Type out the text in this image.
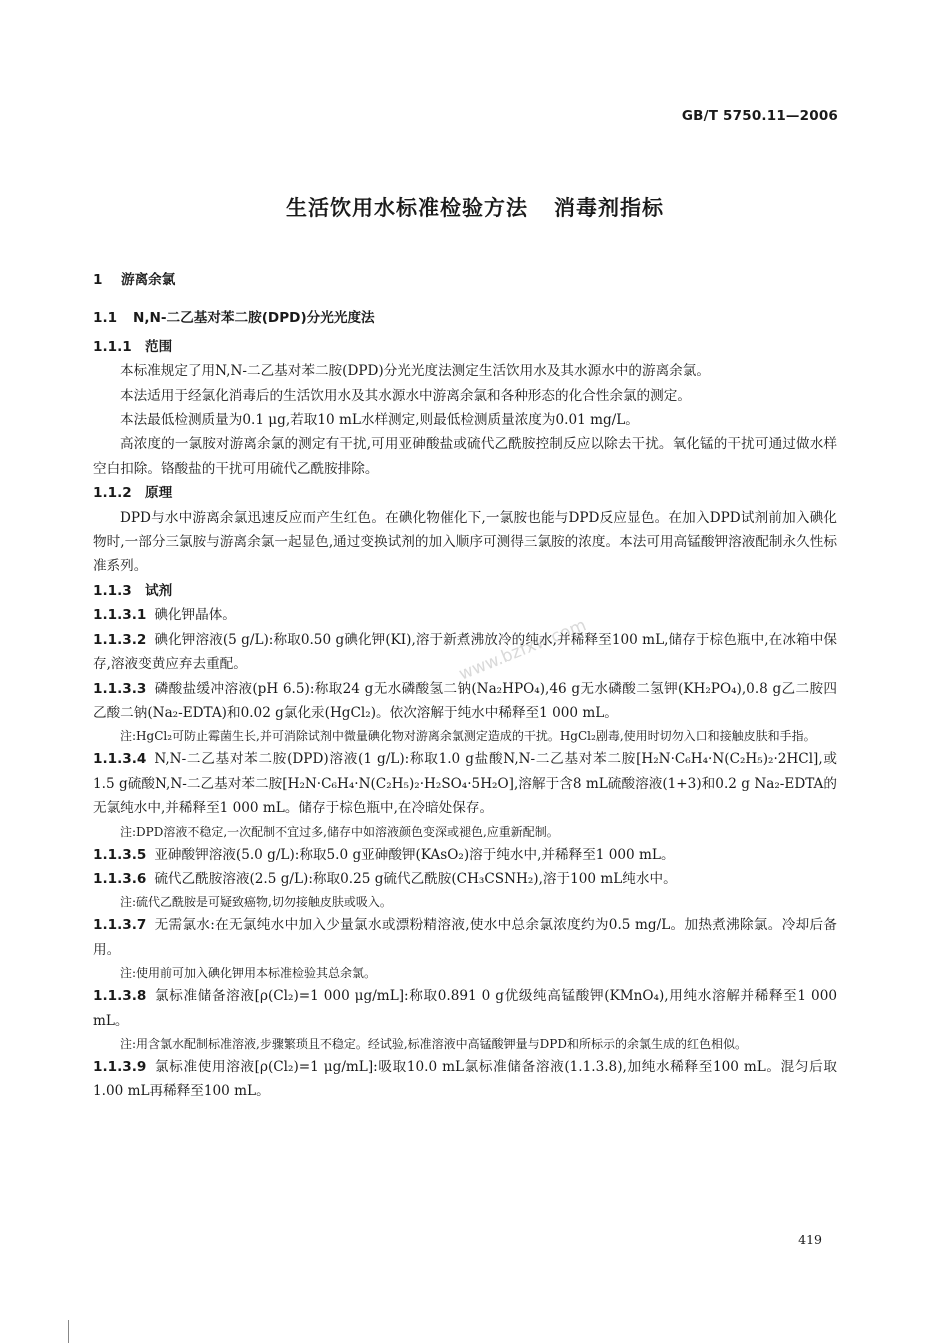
GB/T 5750.11—2006
生活饮用水标准检验方法 消毒剂指标
www.bzfxw.com
1 游离余氯
1.1 N,N-二乙基对苯二胺(DPD)分光光度法
1.1.1 范围
本标准规定了用N,N-二乙基对苯二胺(DPD)分光光度法测定生活饮用水及其水源水中的游离余氯。
本法适用于经氯化消毒后的生活饮用水及其水源水中游离余氯和各种形态的化合性余氯的测定。
本法最低检测质量为0.1 μg,若取10 mL水样测定,则最低检测质量浓度为0.01 mg/L。
高浓度的一氯胺对游离余氯的测定有干扰,可用亚砷酸盐或硫代乙酰胺控制反应以除去干扰。氧化锰的干扰可通过做水样空白扣除。铬酸盐的干扰可用硫代乙酰胺排除。
1.1.2 原理
DPD与水中游离余氯迅速反应而产生红色。在碘化物催化下,一氯胺也能与DPD反应显色。在加入DPD试剂前加入碘化物时,一部分三氯胺与游离余氯一起显色,通过变换试剂的加入顺序可测得三氯胺的浓度。本法可用高锰酸钾溶液配制永久性标准系列。
1.1.3 试剂
1.1.3.1 碘化钾晶体。
1.1.3.2 碘化钾溶液(5 g/L):称取0.50 g碘化钾(KI),溶于新煮沸放冷的纯水,并稀释至100 mL,储存于棕色瓶中,在冰箱中保存,溶液变黄应弃去重配。
1.1.3.3 磷酸盐缓冲溶液(pH 6.5):称取24 g无水磷酸氢二钠(Na₂HPO₄),46 g无水磷酸二氢钾(KH₂PO₄),0.8 g乙二胺四乙酸二钠(Na₂-EDTA)和0.02 g氯化汞(HgCl₂)。依次溶解于纯水中稀释至1 000 mL。
注:HgCl₂可防止霉菌生长,并可消除试剂中微量碘化物对游离余氯测定造成的干扰。HgCl₂剧毒,使用时切勿入口和接触皮肤和手指。
1.1.3.4 N,N-二乙基对苯二胺(DPD)溶液(1 g/L):称取1.0 g盐酸N,N-二乙基对苯二胺[H₂N·C₆H₄·N(C₂H₅)₂·2HCl],或1.5 g硫酸N,N-二乙基对苯二胺[H₂N·C₆H₄·N(C₂H₅)₂·H₂SO₄·5H₂O],溶解于含8 mL硫酸溶液(1+3)和0.2 g Na₂-EDTA的无氯纯水中,并稀释至1 000 mL。储存于棕色瓶中,在冷暗处保存。
注:DPD溶液不稳定,一次配制不宜过多,储存中如溶液颜色变深或褪色,应重新配制。
1.1.3.5 亚砷酸钾溶液(5.0 g/L):称取5.0 g亚砷酸钾(KAsO₂)溶于纯水中,并稀释至1 000 mL。
1.1.3.6 硫代乙酰胺溶液(2.5 g/L):称取0.25 g硫代乙酰胺(CH₃CSNH₂),溶于100 mL纯水中。
注:硫代乙酰胺是可疑致癌物,切勿接触皮肤或吸入。
1.1.3.7 无需氯水:在无氯纯水中加入少量氯水或漂粉精溶液,使水中总余氯浓度约为0.5 mg/L。加热煮沸除氯。冷却后备用。
注:使用前可加入碘化钾用本标准检验其总余氯。
1.1.3.8 氯标准储备溶液[ρ(Cl₂)=1 000 μg/mL]:称取0.891 0 g优级纯高锰酸钾(KMnO₄),用纯水溶解并稀释至1 000 mL。
注:用含氯水配制标准溶液,步骤繁琐且不稳定。经试验,标准溶液中高锰酸钾量与DPD和所标示的余氯生成的红色相似。
1.1.3.9 氯标准使用溶液[ρ(Cl₂)=1 μg/mL]:吸取10.0 mL氯标准储备溶液(1.1.3.8),加纯水稀释至100 mL。混匀后取1.00 mL再稀释至100 mL。
419
